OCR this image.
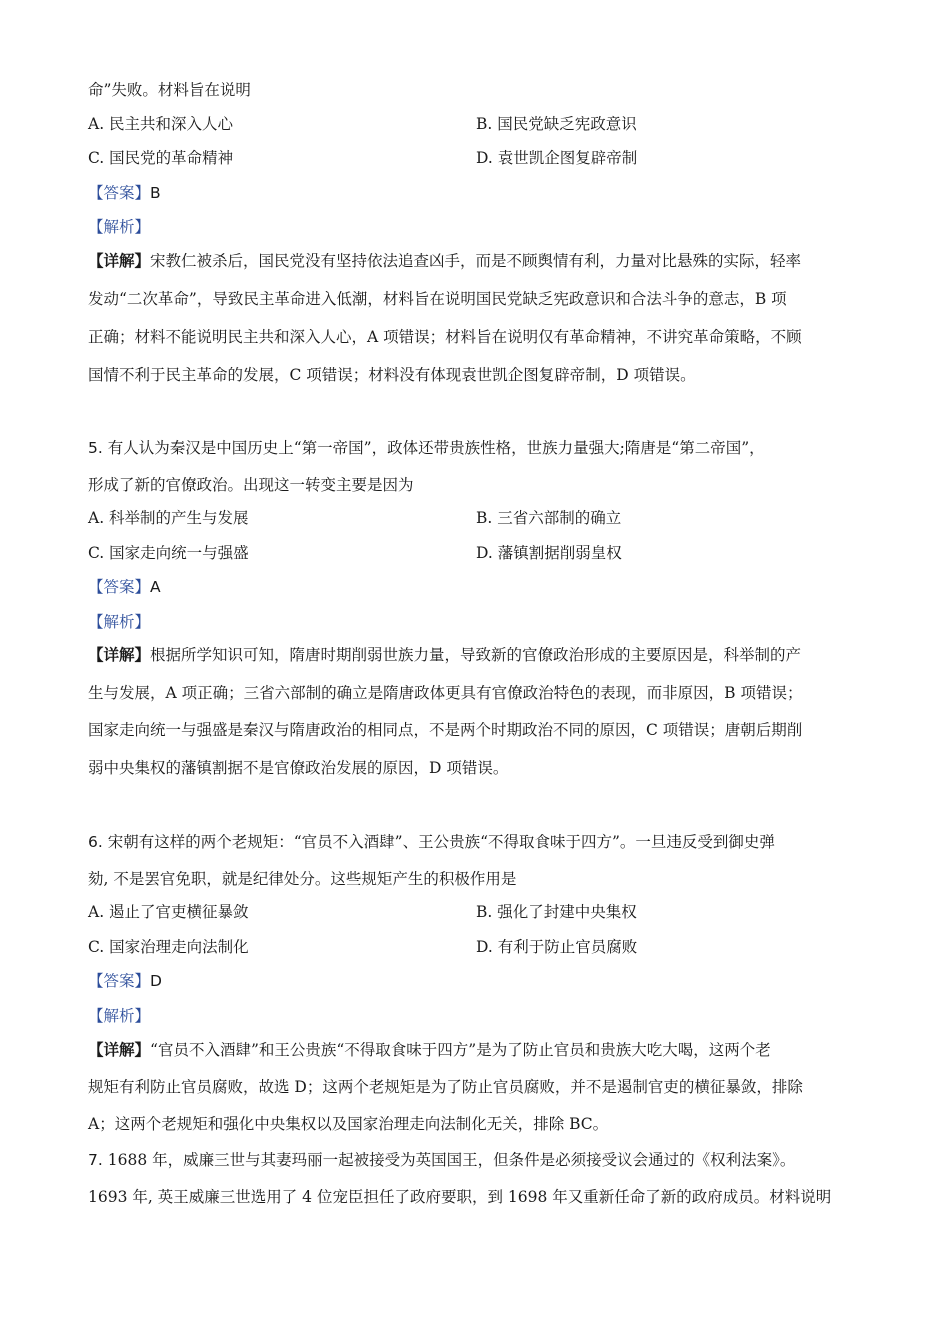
命”失败。材料旨在说明
A. 民主共和深入人心	B. 国民党缺乏宪政意识
C. 国民党的革命精神	D. 袁世凯企图复辟帝制
【答案】B
【解析】
【详解】宋教仁被杀后，国民党没有坚持依法追查凶手，而是不顾舆情有利，力量对比悬殊的实际，轻率
发动“二次革命”，导致民主革命进入低潮，材料旨在说明国民党缺乏宪政意识和合法斗争的意志，B 项
正确；材料不能说明民主共和深入人心，A 项错误；材料旨在说明仅有革命精神，不讲究革命策略，不顾
国情不利于民主革命的发展，C 项错误；材料没有体现袁世凯企图复辟帝制，D 项错误。
5. 有人认为秦汉是中国历史上“第一帝国”，政体还带贵族性格，世族力量强大;隋唐是“第二帝国”，
形成了新的官僚政治。出现这一转变主要是因为
A. 科举制的产生与发展	B. 三省六部制的确立
C. 国家走向统一与强盛	D. 藩镇割据削弱皇权
【答案】A
【解析】
【详解】根据所学知识可知，隋唐时期削弱世族力量，导致新的官僚政治形成的主要原因是，科举制的产
生与发展，A 项正确；三省六部制的确立是隋唐政体更具有官僚政治特色的表现，而非原因，B 项错误；
国家走向统一与强盛是秦汉与隋唐政治的相同点，不是两个时期政治不同的原因，C 项错误；唐朝后期削
弱中央集权的藩镇割据不是官僚政治发展的原因，D 项错误。
6. 宋朝有这样的两个老规矩：“官员不入酒肆”、王公贵族“不得取食味于四方”。一旦违反受到御史弹
劾, 不是罢官免职，就是纪律处分。这些规矩产生的积极作用是
A. 遏止了官吏横征暴敛	B. 强化了封建中央集权
C. 国家治理走向法制化	D. 有利于防止官员腐败
【答案】D
【解析】
【详解】“官员不入酒肆”和王公贵族“不得取食味于四方”是为了防止官员和贵族大吃大喝，这两个老
规矩有利防止官员腐败，故选 D；这两个老规矩是为了防止官员腐败，并不是遏制官吏的横征暴敛，排除
A；这两个老规矩和强化中央集权以及国家治理走向法制化无关，排除 BC。
7. 1688 年，威廉三世与其妻玛丽一起被接受为英国国王，但条件是必须接受议会通过的《权利法案》。
1693 年, 英王威廉三世选用了 4 位宠臣担任了政府要职，到 1698 年又重新任命了新的政府成员。材料说明
